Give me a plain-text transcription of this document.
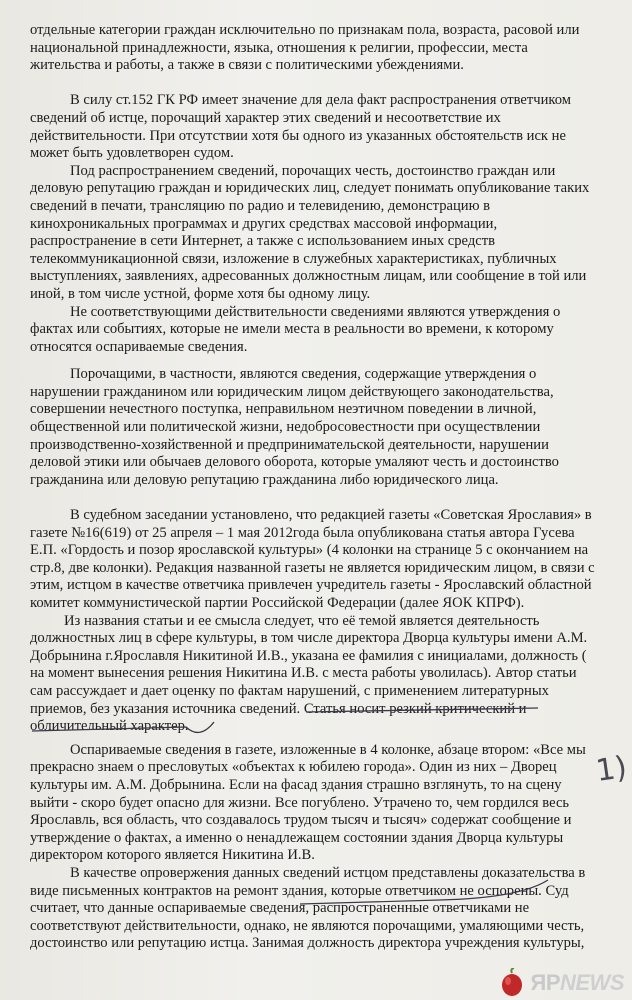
отдельные категории граждан исключительно по признакам пола, возраста, расовой или
национальной принадлежности, языка, отношения к религии, профессии, места
жительства и работы, а также в связи с политическими убеждениями.

В силу ст.152 ГК РФ имеет значение для дела факт распространения ответчиком
сведений об истце, порочащий характер этих сведений и несоответствие их
действительности. При отсутствии хотя бы одного из указанных обстоятельств иск не
может быть удовлетворен судом.

Под распространением сведений, порочащих честь, достоинство граждан или
деловую репутацию граждан и юридических лиц, следует понимать опубликование таких
сведений в печати, трансляцию по радио и телевидению, демонстрацию в
кинохроникальных программах и других средствах массовой информации,
распространение в сети Интернет, а также с использованием иных средств
телекоммуникационной связи, изложение в служебных характеристиках, публичных
выступлениях, заявлениях, адресованных должностным лицам, или сообщение в той или
иной, в том числе устной, форме хотя бы одному лицу.

Не соответствующими действительности сведениями являются утверждения о
фактах или событиях, которые не имели места в реальности во времени, к которому
относятся оспариваемые сведения.

Порочащими, в частности, являются сведения, содержащие утверждения о
нарушении гражданином или юридическим лицом действующего законодательства,
совершении нечестного поступка, неправильном неэтичном поведении в личной,
общественной или политической жизни, недобросовестности при осуществлении
производственно-хозяйственной и предпринимательской деятельности, нарушении
деловой этики или обычаев делового оборота, которые умаляют честь и достоинство
гражданина или деловую репутацию гражданина либо юридического лица.

В судебном заседании установлено, что редакцией газеты «Советская Ярославия» в
газете №16(619) от 25 апреля – 1 мая 2012года была опубликована статья автора Гусева
Е.П. «Гордость и позор ярославской культуры» (4 колонки на странице 5 с окончанием на
стр.8, две колонки). Редакция названной газеты не является юридическим лицом, в связи с
этим, истцом в качестве ответчика привлечен учредитель газеты - Ярославский областной
комитет коммунистической партии Российской Федерации (далее ЯОК КПРФ).

Из названия статьи и ее смысла следует, что её темой является деятельность
должностных лиц в сфере культуры, в том числе директора Дворца культуры имени А.М.
Добрынина г.Ярославля Никитиной И.В., указана ее фамилия с инициалами, должность (
на момент вынесения решения Никитина И.В. с места работы уволилась). Автор статьи
сам рассуждает и дает оценку по фактам нарушений, с применением литературных
приемов, без указания источника сведений. Статья носит резкий критический и
обличительный характер.

Оспариваемые сведения в газете, изложенные в 4 колонке, абзаце втором: «Все мы
прекрасно знаем о пресловутых «объектах к юбилею города». Один из них – Дворец
культуры им. А.М. Добрынина. Если на фасад здания страшно взглянуть, то на сцену
выйти - скоро будет опасно для жизни. Все погублено. Утрачено то, чем гордился весь
Ярославль, вся область, что создавалось трудом тысяч и тысяч» содержат сообщение и
утверждение о фактах, а именно о ненадлежащем состоянии здания Дворца культуры
директором которого является Никитина И.В.

В качестве опровержения данных сведений истцом представлены доказательства в
виде письменных контрактов на ремонт здания, которые ответчиком не оспорены. Суд
считает, что данные оспариваемые сведения, распространенные ответчиками не
соответствуют действительности, однако, не являются порочащими, умаляющими честь,
достоинство или репутацию истца. Занимая должность директора учреждения культуры,

1)
ЯРNEWS
